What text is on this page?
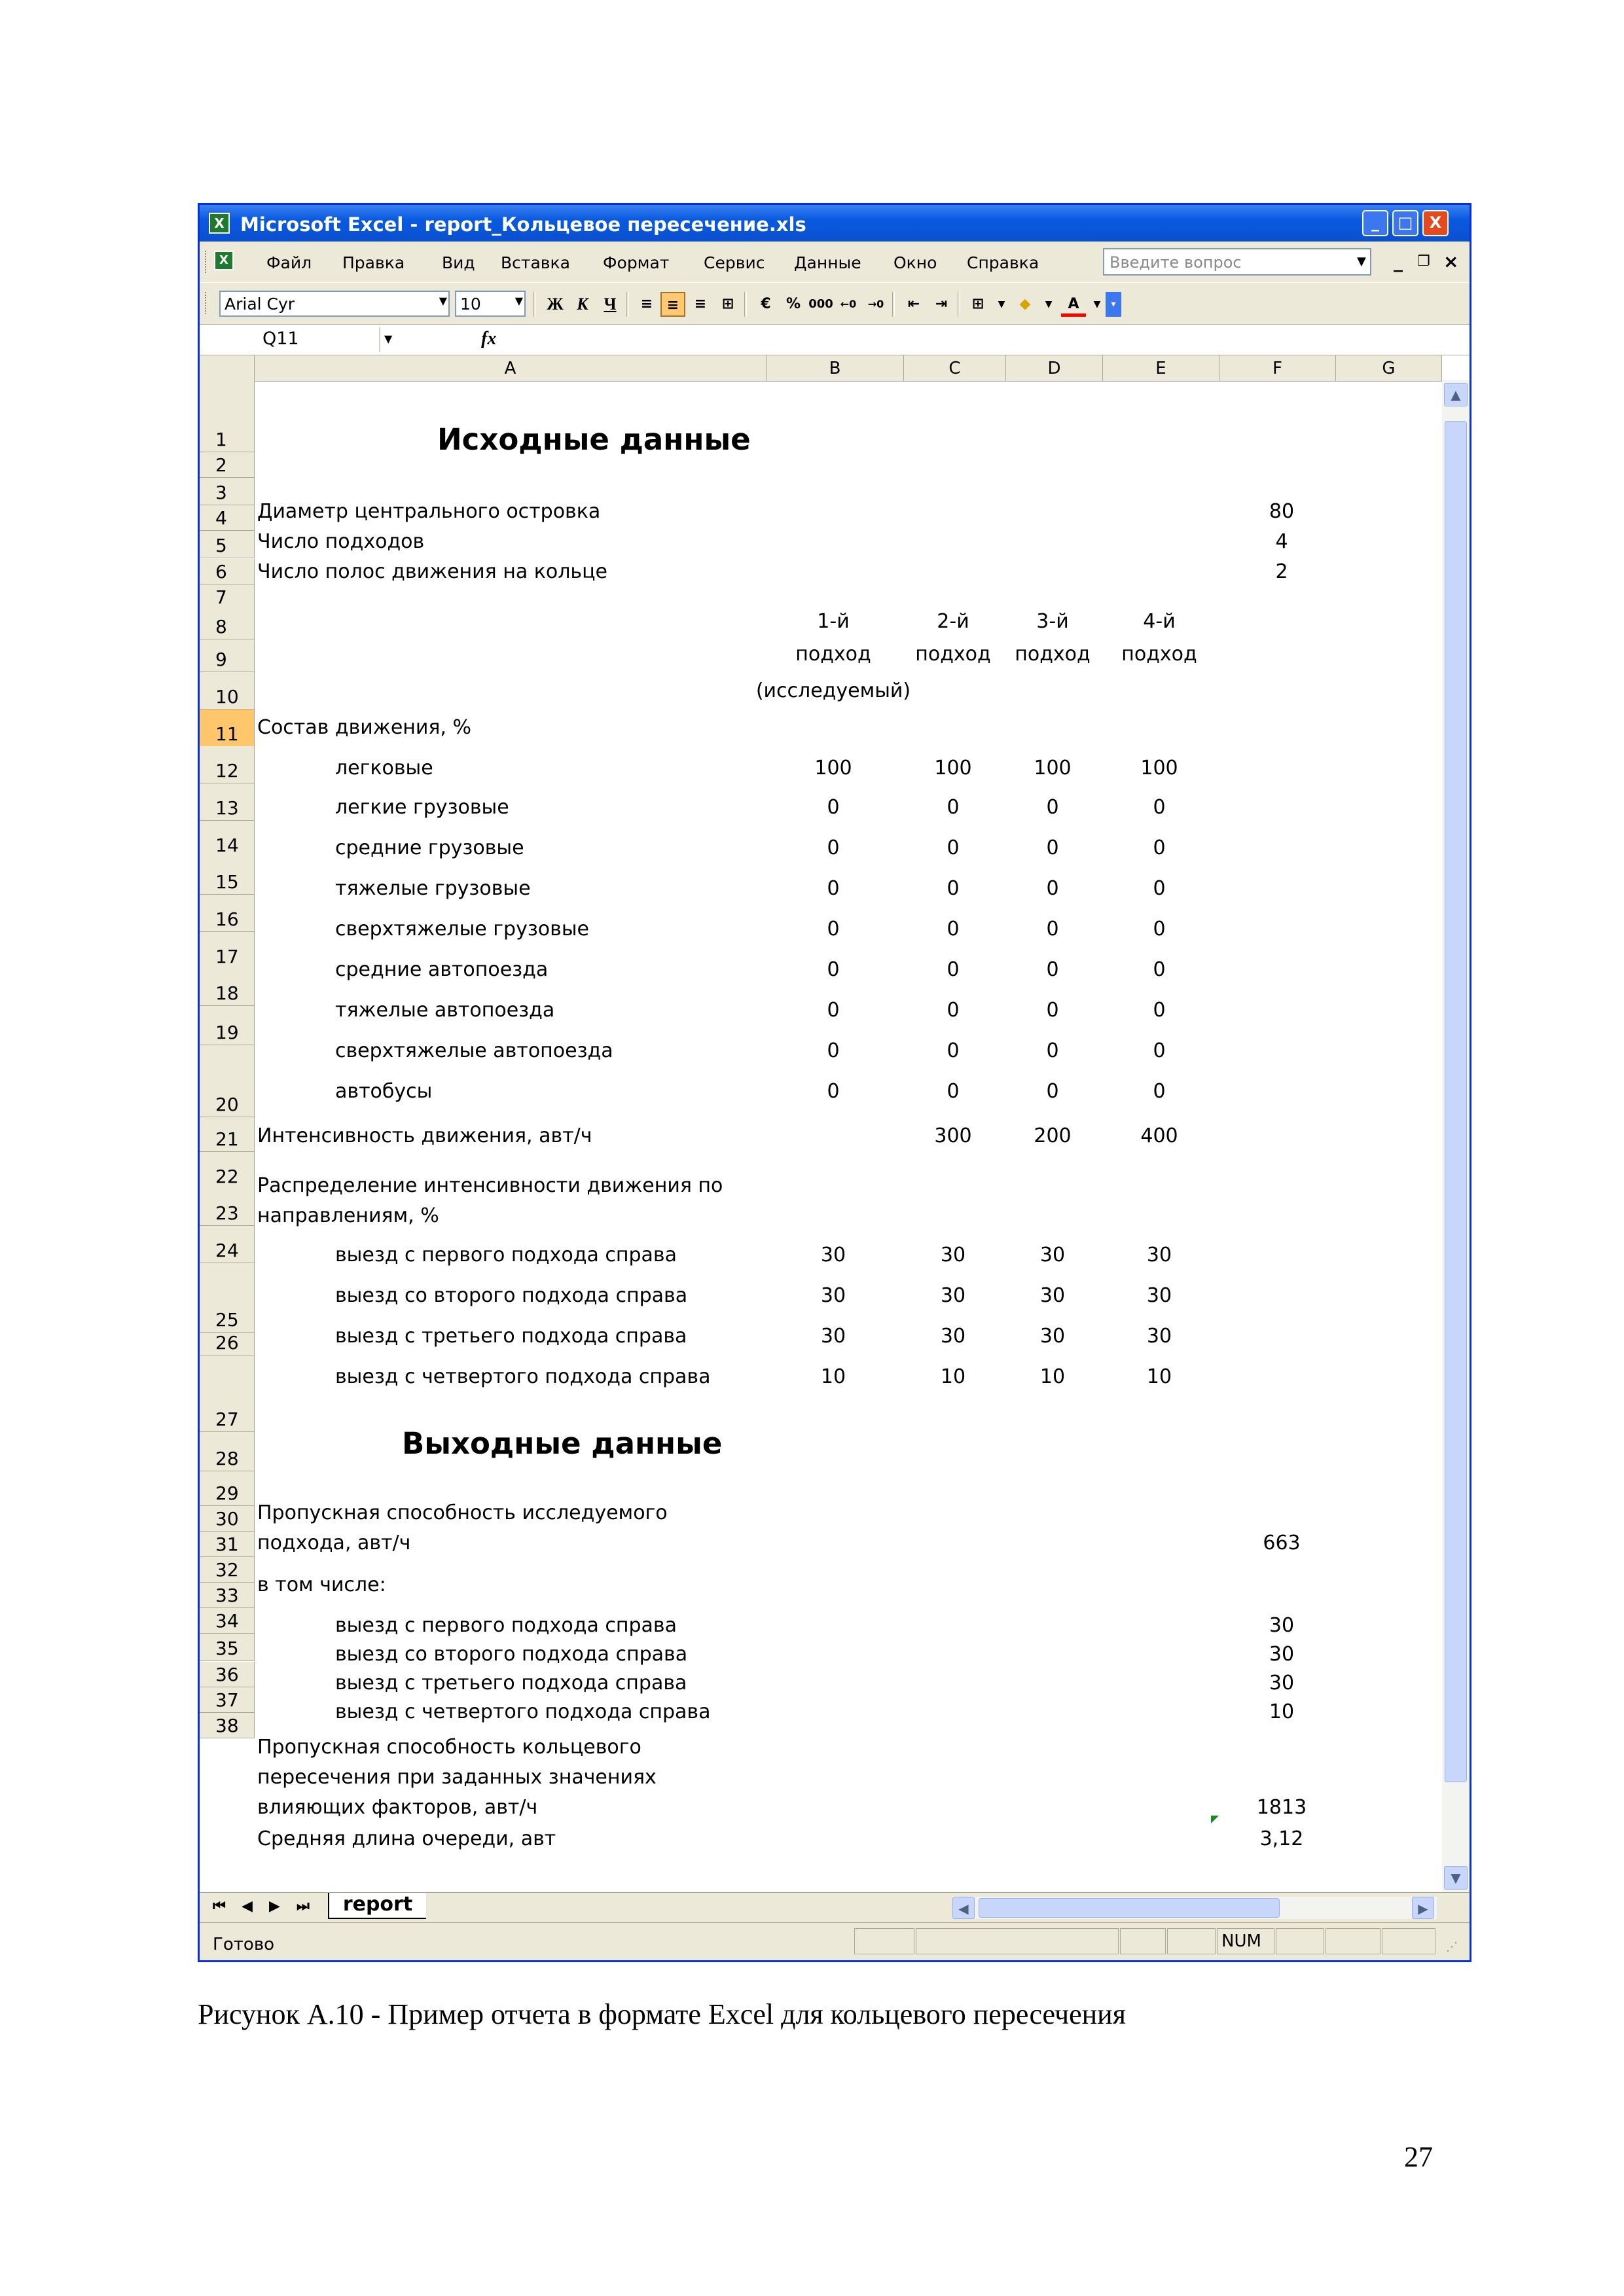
X Microsoft Excel - report_Кольцевое пересечение.xls	_	□	X
X	Файл Правка Вид Вставка Формат Сервис Данные Окно Справка	Введите вопрос	▼ _ ❐ ×
Arial Cyr	▼ 10	▼ Ж К Ч	≡ ≡	≡	⊞	€	% 000 ←0	→0	⇤	⇥	⊞	▼	◆	▼	A	▼	▾
Q11	▼	fx
A	B	C	D	E	F	G
▲
▼
⏮ ◀ ▶ ⏭	report	◀	▶
Готово	NUM	⋰
1
2
3
4
5
6
7
8
9
10
11
12
13
14
15
16
17
18
19
20
21
22
23
24
25
26
27
28
29
30
31
32
33
34
35
36
37
38
Исходные данные
Диаметр центрального островка	80
Число подходов	4
Число полос движения на кольце	2
1-й
подход
(исследуемый)
2-й
подход
3-й
подход
4-й
подход
Состав движения, %
Интенсивность движения, авт/ч	300	200	400
Распределение интенсивности движения по
направлениям, %
Выходные данные
Пропускная способность исследуемого
подхода, авт/ч	663
в том числе:
Пропускная способность кольцевого
пересечения при заданных значениях
влияющих факторов, авт/ч	1813
Средняя длина очереди, авт	3,12
Рисунок А.10 - Пример отчета в формате Excel для кольцевого пересечения
27
легковые	100	100	100	100
легкие грузовые	0	0	0	0
средние грузовые	0	0	0	0
тяжелые грузовые	0	0	0	0
сверхтяжелые грузовые	0	0	0	0
средние автопоезда	0	0	0	0
тяжелые автопоезда	0	0	0	0
сверхтяжелые автопоезда	0	0	0	0
автобусы	0	0	0	0
выезд с первого подхода справа	30	30	30	30
выезд со второго подхода справа	30	30	30	30
выезд с третьего подхода справа	30	30	30	30
выезд с четвертого подхода справа	10	10	10	10
выезд с первого подхода справа	30
выезд со второго подхода справа	30
выезд с третьего подхода справа	30
выезд с четвертого подхода справа	10
